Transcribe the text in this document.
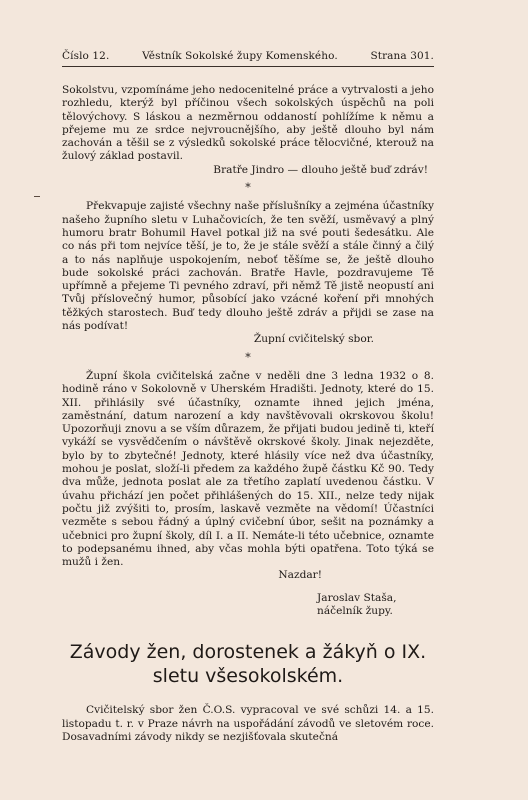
Číslo 12.	Věstník Sokolské župy Komenského.	Strana 301.

Sokolstvu, vzpomínáme jeho nedocenitelné práce a vytrvalosti a jeho rozhledu, kterýž byl příčinou všech sokolských úspěchů na poli tělovýchovy. S láskou a nezměrnou oddaností pohlížíme k němu a přejeme mu ze srdce nejvroucnějšího, aby ještě dlouho byl nám zachován a těšil se z výsledků sokolské práce tělocvičné, kterouž na žulový základ postavil.

Bratře Jindro — dlouho ještě buď zdráv!

*

Překvapuje zajisté všechny naše příslušníky a zejména účastníky našeho župního sletu v Luhačovicích, že ten svěží, usměvavý a plný humoru bratr Bohumil Havel potkal již na své pouti šedesátku. Ale co nás při tom nejvíce těší, je to, že je stále svěží a stále činný a čilý a to nás naplňuje uspokojením, neboť těšíme se, že ještě dlouho bude sokolské práci zachován. Bratře Havle, pozdravujeme Tě upřímně a přejeme Ti pevného zdraví, při němž Tě jistě neopustí ani Tvůj příslovečný humor, působící jako vzácné koření při mnohých těžkých starostech. Buď tedy dlouho ještě zdráv a přijdi se zase na nás podívat!

Župní cvičitelský sbor.

*

Župní škola cvičitelská začne v neděli dne 3 ledna 1932 o 8. hodině ráno v Sokolovně v Uherském Hradišti. Jednoty, které do 15. XII. přihlásily své účastníky, oznamte ihned jejich jména, zaměstnání, datum narození a kdy navštěvovali okrskovou školu! Upozorňuji znovu a se vším důrazem, že přijati budou jedině ti, kteří vykáží se vysvědčením o návštěvě okrskové školy. Jinak nejezděte, bylo by to zbytečné! Jednoty, které hlásily více než dva účastníky, mohou je poslat, složí-li předem za každého župě částku Kč 90. Tedy dva může, jednota poslat ale za třetího zaplatí uvedenou částku. V úvahu přichází jen počet přihlášených do 15. XII., nelze tedy nijak počtu již zvýšiti to, prosím, laskavě vezměte na vědomí! Účastníci vezměte s sebou řádný a úplný cvičební úbor, sešit na poznámky a učebnici pro župní školy, díl I. a II. Nemáte-li této učebnice, oznamte to podepsanému ihned, aby včas mohla býti opatřena. Toto týká se mužů i žen.

Nazdar!

Jaroslav Staša,
náčelník župy.
Závody žen, dorostenek a žákyň o IX. sletu všesokolském.

Cvičitelský sbor žen Č.O.S. vypracoval ve své schůzi 14. a 15. listopadu t. r. v Praze návrh na uspořádání závodů ve sletovém roce. Dosavadními závody nikdy se nezjišťovala skutečná
